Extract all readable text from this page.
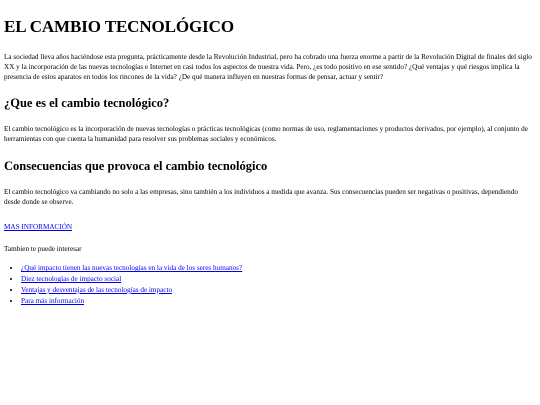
EL CAMBIO TECNOLÓGICO

La sociedad lleva años haciéndose esta pregunta, prácticamente desde la Revolución Industrial, pero ha cobrado una fuerza enorme a partir de la Revolución Digital de finales del siglo XX y la incorporación de las nuevas tecnologías e Internet en casi todos los aspectos de nuestra vida. Pero, ¿es todo positivo en ese sentido? ¿Qué ventajas y qué riesgos implica la presencia de estos aparatos en todos los rincones de la vida? ¿De qué manera influyen en nuestras formas de pensar, actuar y sentir?

¿Que es el cambio tecnológico?

El cambio tecnológico es la incorporación de nuevas tecnologías o prácticas tecnológicas (como normas de uso, reglamentaciones y productos derivados, por ejemplo), al conjunto de herramientas con que cuenta la humanidad para resolver sus problemas sociales y económicos.

Consecuencias que provoca el cambio tecnológico

El cambio tecnológico va cambiando no solo a las empresas, sino también a los individuos a medida que avanza. Sus consecuencias pueden ser negativas o positivas, dependiendo desde donde se observe.

MAS INFORMACIÓN

Tambien te puede interesar

• ¿Qué impacto tienen las nuevas tecnologías en la vida de los seres humanos?
• Diez tecnologías de impacto social
• Ventajas y desventajas de las tecnologías de impacto
• Para más información
